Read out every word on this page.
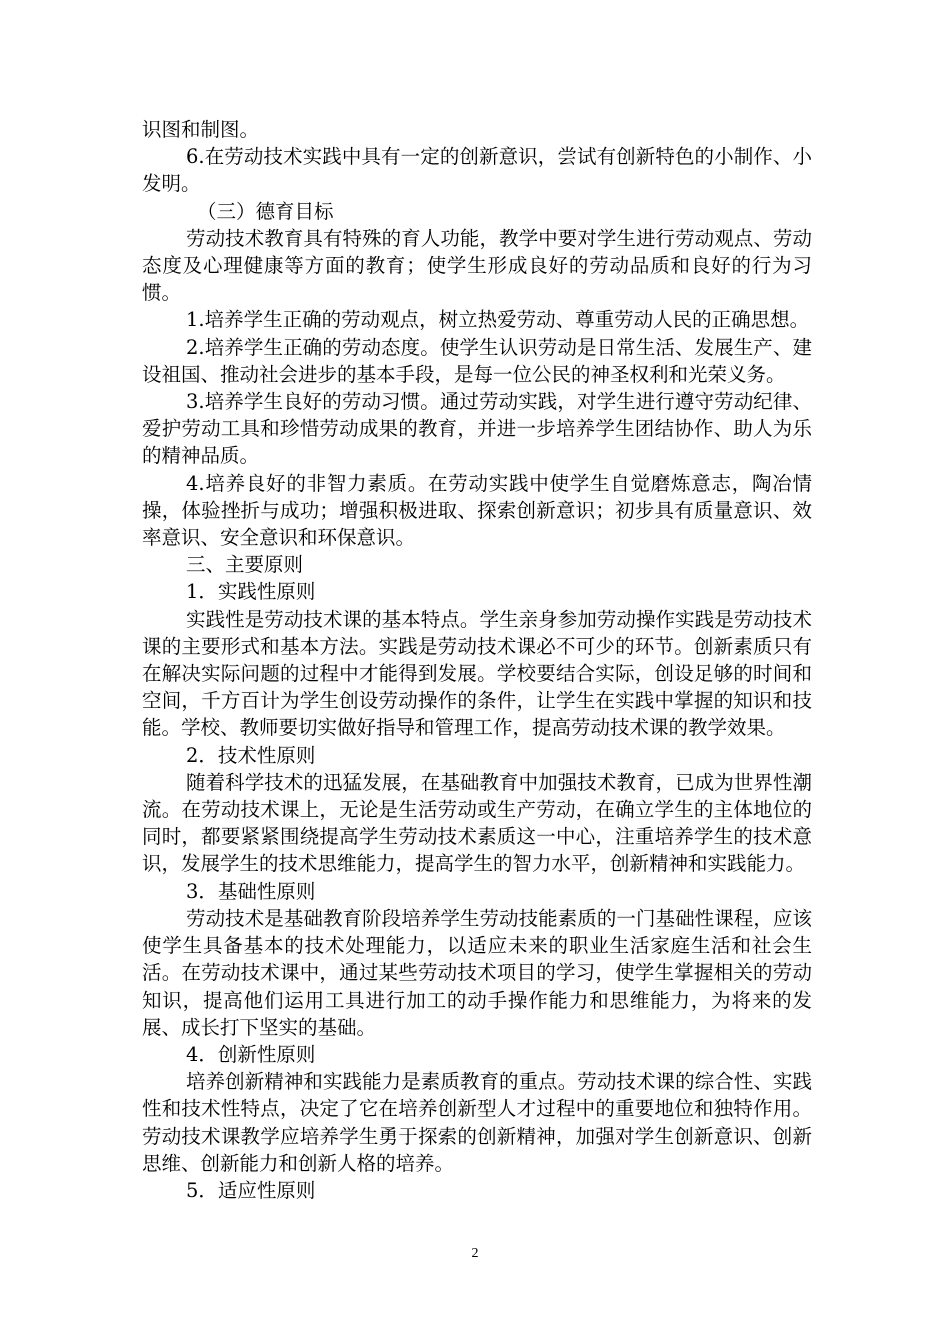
识图和制图。

6.在劳动技术实践中具有一定的创新意识，尝试有创新特色的小制作、小发明。

（三）德育目标

劳动技术教育具有特殊的育人功能，教学中要对学生进行劳动观点、劳动态度及心理健康等方面的教育；使学生形成良好的劳动品质和良好的行为习惯。

1.培养学生正确的劳动观点，树立热爱劳动、尊重劳动人民的正确思想。

2.培养学生正确的劳动态度。使学生认识劳动是日常生活、发展生产、建设祖国、推动社会进步的基本手段，是每一位公民的神圣权利和光荣义务。

3.培养学生良好的劳动习惯。通过劳动实践，对学生进行遵守劳动纪律、爱护劳动工具和珍惜劳动成果的教育，并进一步培养学生团结协作、助人为乐的精神品质。

4.培养良好的非智力素质。在劳动实践中使学生自觉磨炼意志，陶冶情操，体验挫折与成功；增强积极进取、探索创新意识；初步具有质量意识、效率意识、安全意识和环保意识。

三、主要原则

1．实践性原则

实践性是劳动技术课的基本特点。学生亲身参加劳动操作实践是劳动技术课的主要形式和基本方法。实践是劳动技术课必不可少的环节。创新素质只有在解决实际问题的过程中才能得到发展。学校要结合实际，创设足够的时间和空间，千方百计为学生创设劳动操作的条件，让学生在实践中掌握的知识和技能。学校、教师要切实做好指导和管理工作，提高劳动技术课的教学效果。

2．技术性原则

随着科学技术的迅猛发展，在基础教育中加强技术教育，已成为世界性潮流。在劳动技术课上，无论是生活劳动或生产劳动，在确立学生的主体地位的同时，都要紧紧围绕提高学生劳动技术素质这一中心，注重培养学生的技术意识，发展学生的技术思维能力，提高学生的智力水平，创新精神和实践能力。

3．基础性原则

劳动技术是基础教育阶段培养学生劳动技能素质的一门基础性课程，应该使学生具备基本的技术处理能力，以适应未来的职业生活家庭生活和社会生活。在劳动技术课中，通过某些劳动技术项目的学习，使学生掌握相关的劳动知识，提高他们运用工具进行加工的动手操作能力和思维能力，为将来的发展、成长打下坚实的基础。

4．创新性原则

培养创新精神和实践能力是素质教育的重点。劳动技术课的综合性、实践性和技术性特点，决定了它在培养创新型人才过程中的重要地位和独特作用。劳动技术课教学应培养学生勇于探索的创新精神，加强对学生创新意识、创新思维、创新能力和创新人格的培养。

5．适应性原则

2
